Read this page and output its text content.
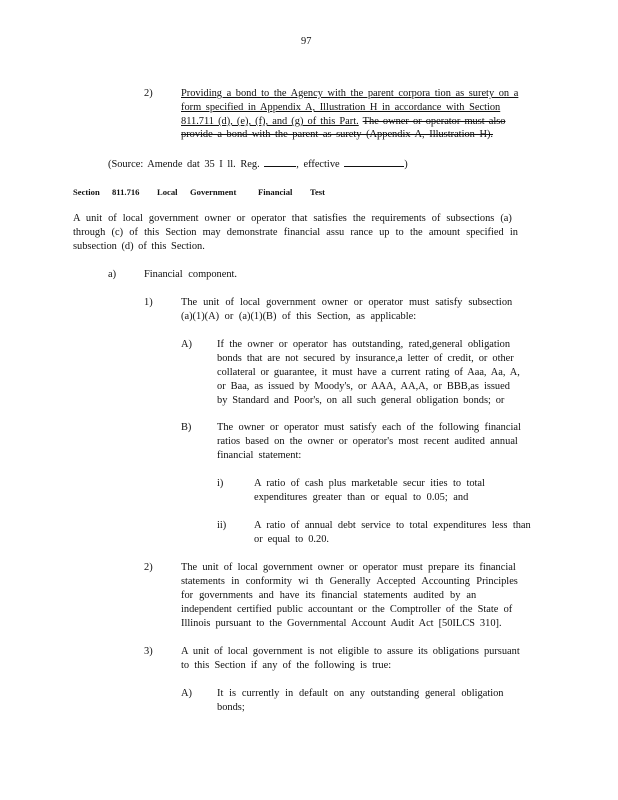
97

2)	Providing a bond to the Agency with the parent corpora tion as surety on a

form specified in Appendix A, Illustration H in accordance with Section

811.711 (d), (e), (f), and (g) of this Part. The owner or operator must also

provide a bond with the parent as surety (Appendix A, Illustration H).

(Source: Amende dat 35 I ll. Reg.	, effective	)

Section 811.716 Local Government	Financial Test

A unit of local government owner or operator that satisfies the requirements of subsections (a)

through (c) of this Section may demonstrate financial assu rance up to the amount specified in

subsection (d) of this Section.

a)	Financial component.

1)	The unit of local government owner or operator must satisfy subsection

(a)(1)(A) or (a)(1)(B) of this Section, as applicable:

A) If the owner or operator has outstanding, rated,general obligation

bonds that are not secured by insurance,a letter of credit, or other

collateral or guarantee, it must have a current rating of Aaa, Aa, A,

or Baa, as issued by Moody's, or AAA, AA,A, or BBB,as issued

by Standard and Poor's, on all such general obligation bonds; or

B) The owner or operator must satisfy each of the following financial

ratios based on the owner or operator's most recent audited annual

financial statement:

i)	A ratio of cash plus marketable secur ities to total

expenditures greater than or equal to 0.05; and

ii)	A ratio of annual debt service to total expenditures less than

or equal to 0.20.

2)	The unit of local government owner or operator must prepare its financial

statements in conformity wi th Generally Accepted Accounting Principles

for governments and have its financial statements audited by an

independent certified public accountant or the Comptroller of the State of

Illinois pursuant to the Governmental Account Audit Act [50ILCS 310].

3)	A unit of local government is not eligible to assure its obligations pursuant

to this Section if any of the following is true:

A) It is currently in default on any outstanding general obligation

bonds;
